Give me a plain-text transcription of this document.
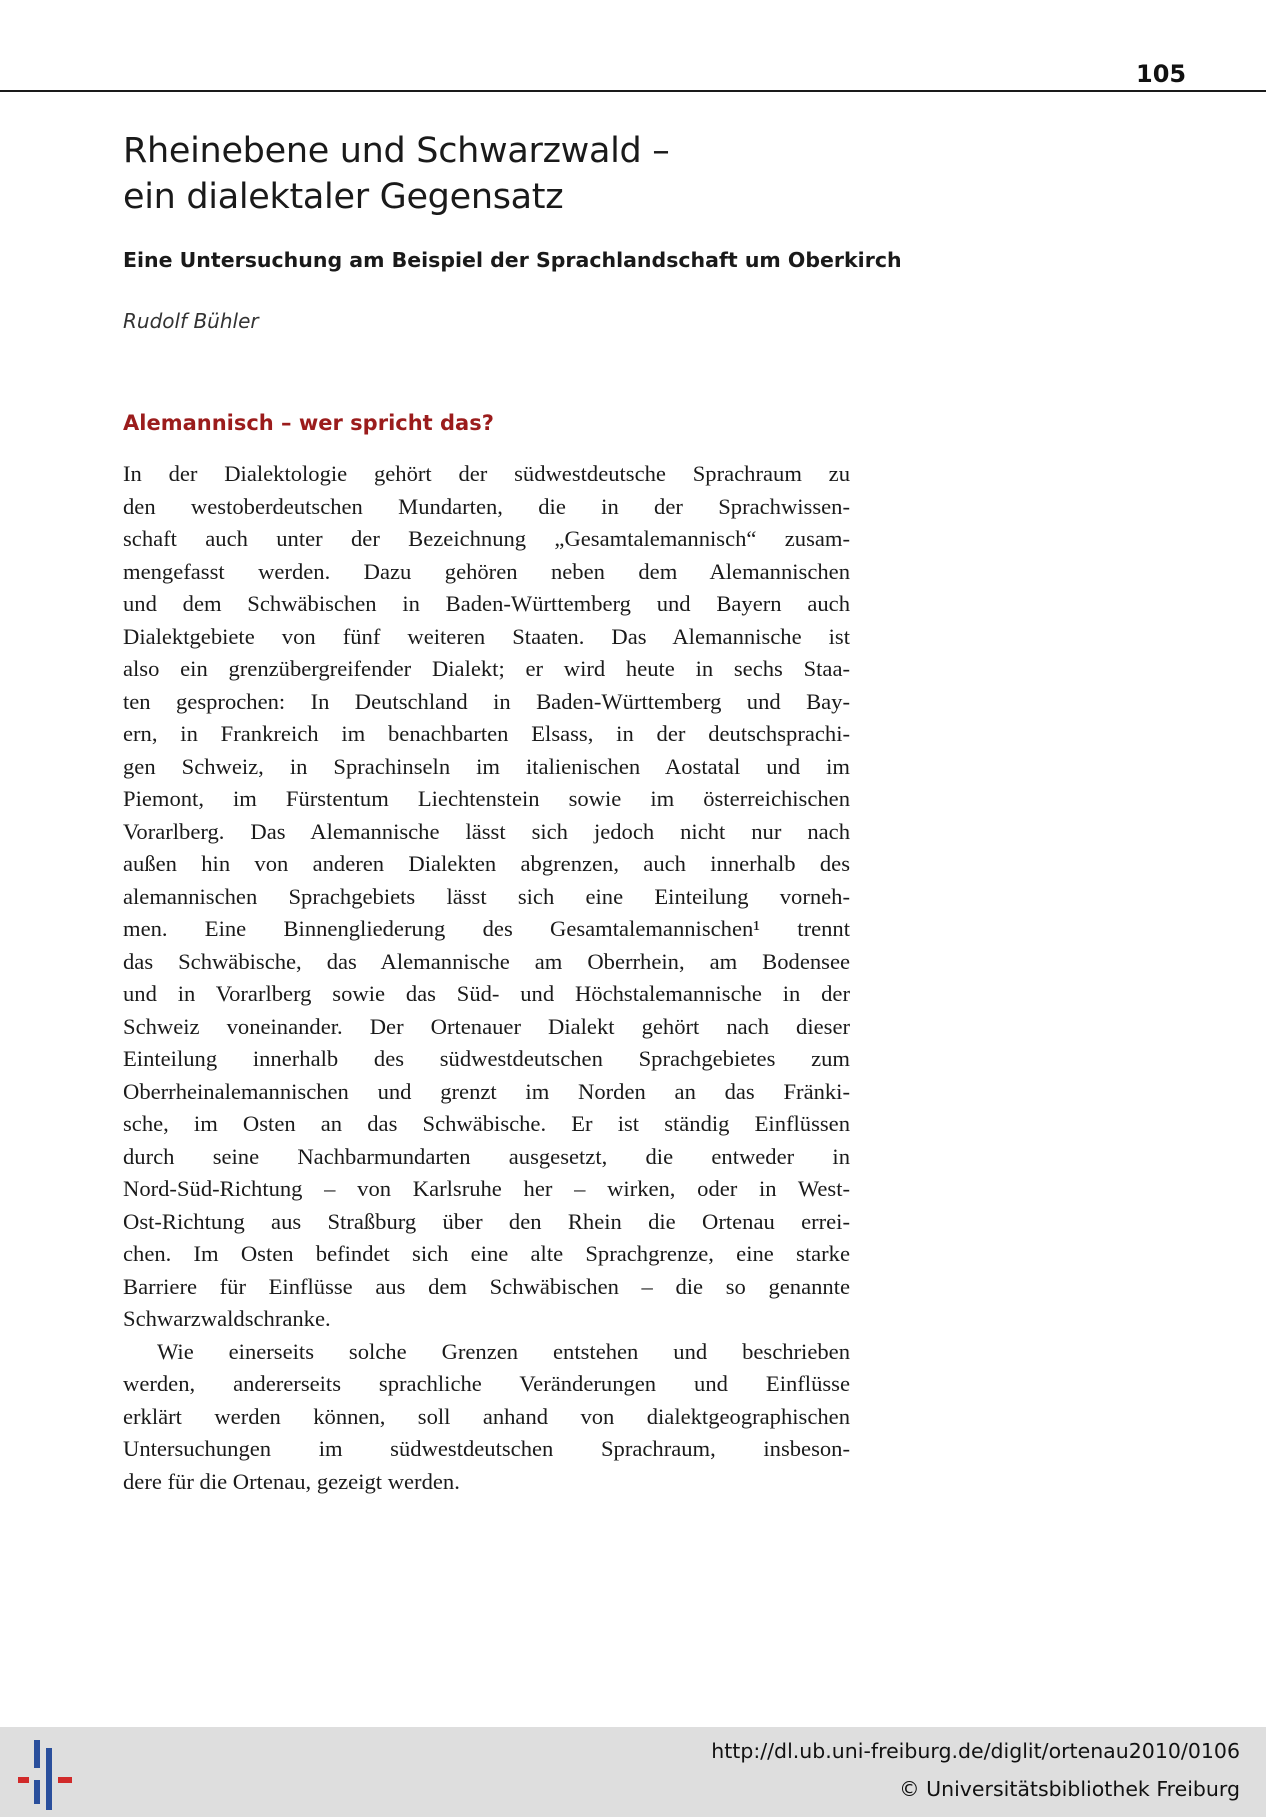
105
Rheinebene und Schwarzwald –
ein dialektaler Gegensatz
Eine Untersuchung am Beispiel der Sprachlandschaft um Oberkirch
Rudolf Bühler
Alemannisch – wer spricht das?
In der Dialektologie gehört der südwestdeutsche Sprachraum zu
den westoberdeutschen Mundarten, die in der Sprachwissen-
schaft auch unter der Bezeichnung „Gesamtalemannisch“ zusam-
mengefasst werden. Dazu gehören neben dem Alemannischen
und dem Schwäbischen in Baden-Württemberg und Bayern auch
Dialektgebiete von fünf weiteren Staaten. Das Alemannische ist
also ein grenzübergreifender Dialekt; er wird heute in sechs Staa-
ten gesprochen: In Deutschland in Baden-Württemberg und Bay-
ern, in Frankreich im benachbarten Elsass, in der deutschsprachi-
gen Schweiz, in Sprachinseln im italienischen Aostatal und im
Piemont, im Fürstentum Liechtenstein sowie im österreichischen
Vorarlberg. Das Alemannische lässt sich jedoch nicht nur nach
außen hin von anderen Dialekten abgrenzen, auch innerhalb des
alemannischen Sprachgebiets lässt sich eine Einteilung vorneh-
men. Eine Binnengliederung des Gesamtalemannischen¹ trennt
das Schwäbische, das Alemannische am Oberrhein, am Bodensee
und in Vorarlberg sowie das Süd- und Höchstalemannische in der
Schweiz voneinander. Der Ortenauer Dialekt gehört nach dieser
Einteilung innerhalb des südwestdeutschen Sprachgebietes zum
Oberrheinalemannischen und grenzt im Norden an das Fränki-
sche, im Osten an das Schwäbische. Er ist ständig Einflüssen
durch seine Nachbarmundarten ausgesetzt, die entweder in
Nord-Süd-Richtung – von Karlsruhe her – wirken, oder in West-
Ost-Richtung aus Straßburg über den Rhein die Ortenau errei-
chen. Im Osten befindet sich eine alte Sprachgrenze, eine starke
Barriere für Einflüsse aus dem Schwäbischen – die so genannte
Schwarzwaldschranke.
Wie einerseits solche Grenzen entstehen und beschrieben
werden, andererseits sprachliche Veränderungen und Einflüsse
erklärt werden können, soll anhand von dialektgeographischen
Untersuchungen im südwestdeutschen Sprachraum, insbeson-
dere für die Ortenau, gezeigt werden.
http://dl.ub.uni-freiburg.de/diglit/ortenau2010/0106
© Universitätsbibliothek Freiburg
